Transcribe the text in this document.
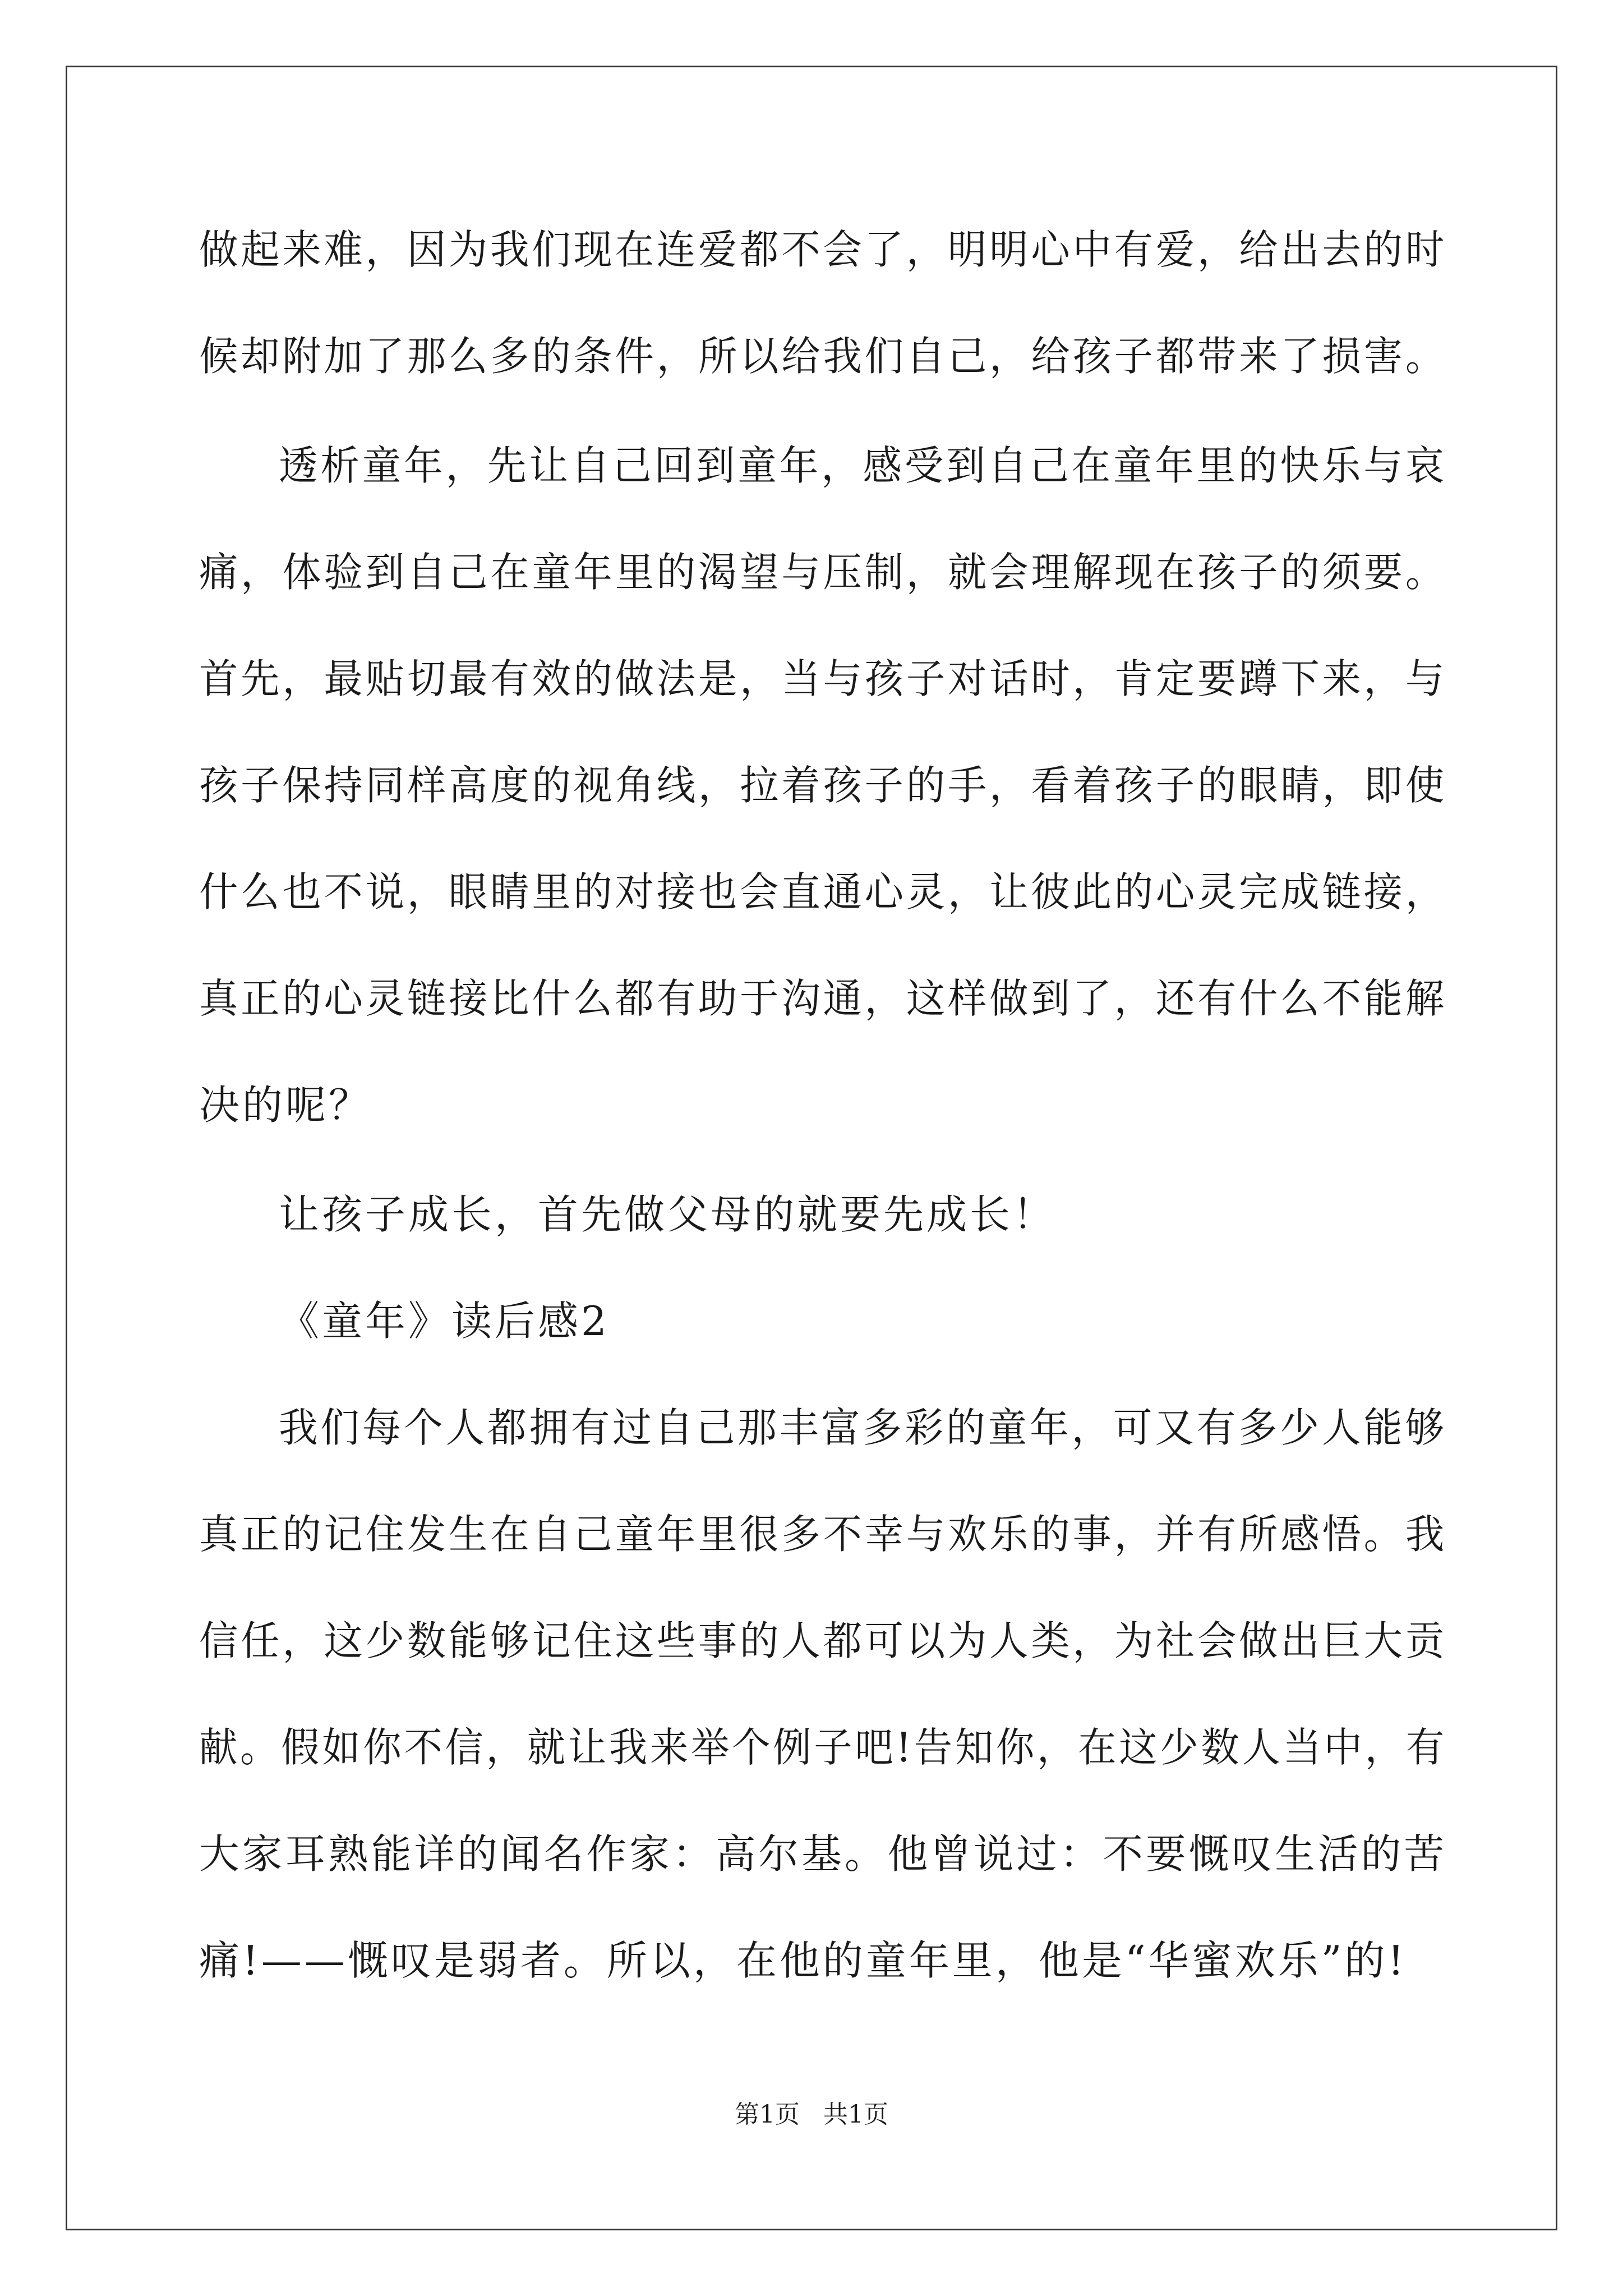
做起来难，因为我们现在连爱都不会了，明明心中有爱，给出去的时
候却附加了那么多的条件，所以给我们自己，给孩子都带来了损害。
透析童年，先让自己回到童年，感受到自己在童年里的快乐与哀
痛，体验到自己在童年里的渴望与压制，就会理解现在孩子的须要。
首先，最贴切最有效的做法是，当与孩子对话时，肯定要蹲下来，与
孩子保持同样高度的视角线，拉着孩子的手，看着孩子的眼睛，即使
什么也不说，眼睛里的对接也会直通心灵，让彼此的心灵完成链接，
真正的心灵链接比什么都有助于沟通，这样做到了，还有什么不能解
决的呢？
让孩子成长，首先做父母的就要先成长！
《童年》读后感2
我们每个人都拥有过自己那丰富多彩的童年，可又有多少人能够
真正的记住发生在自己童年里很多不幸与欢乐的事，并有所感悟。我
信任，这少数能够记住这些事的人都可以为人类，为社会做出巨大贡
献。假如你不信，就让我来举个例子吧!告知你，在这少数人当中，有
大家耳熟能详的闻名作家：高尔基。他曾说过：不要慨叹生活的苦
痛!——慨叹是弱者。所以，在他的童年里，他是“华蜜欢乐”的!
第1页   共1页
